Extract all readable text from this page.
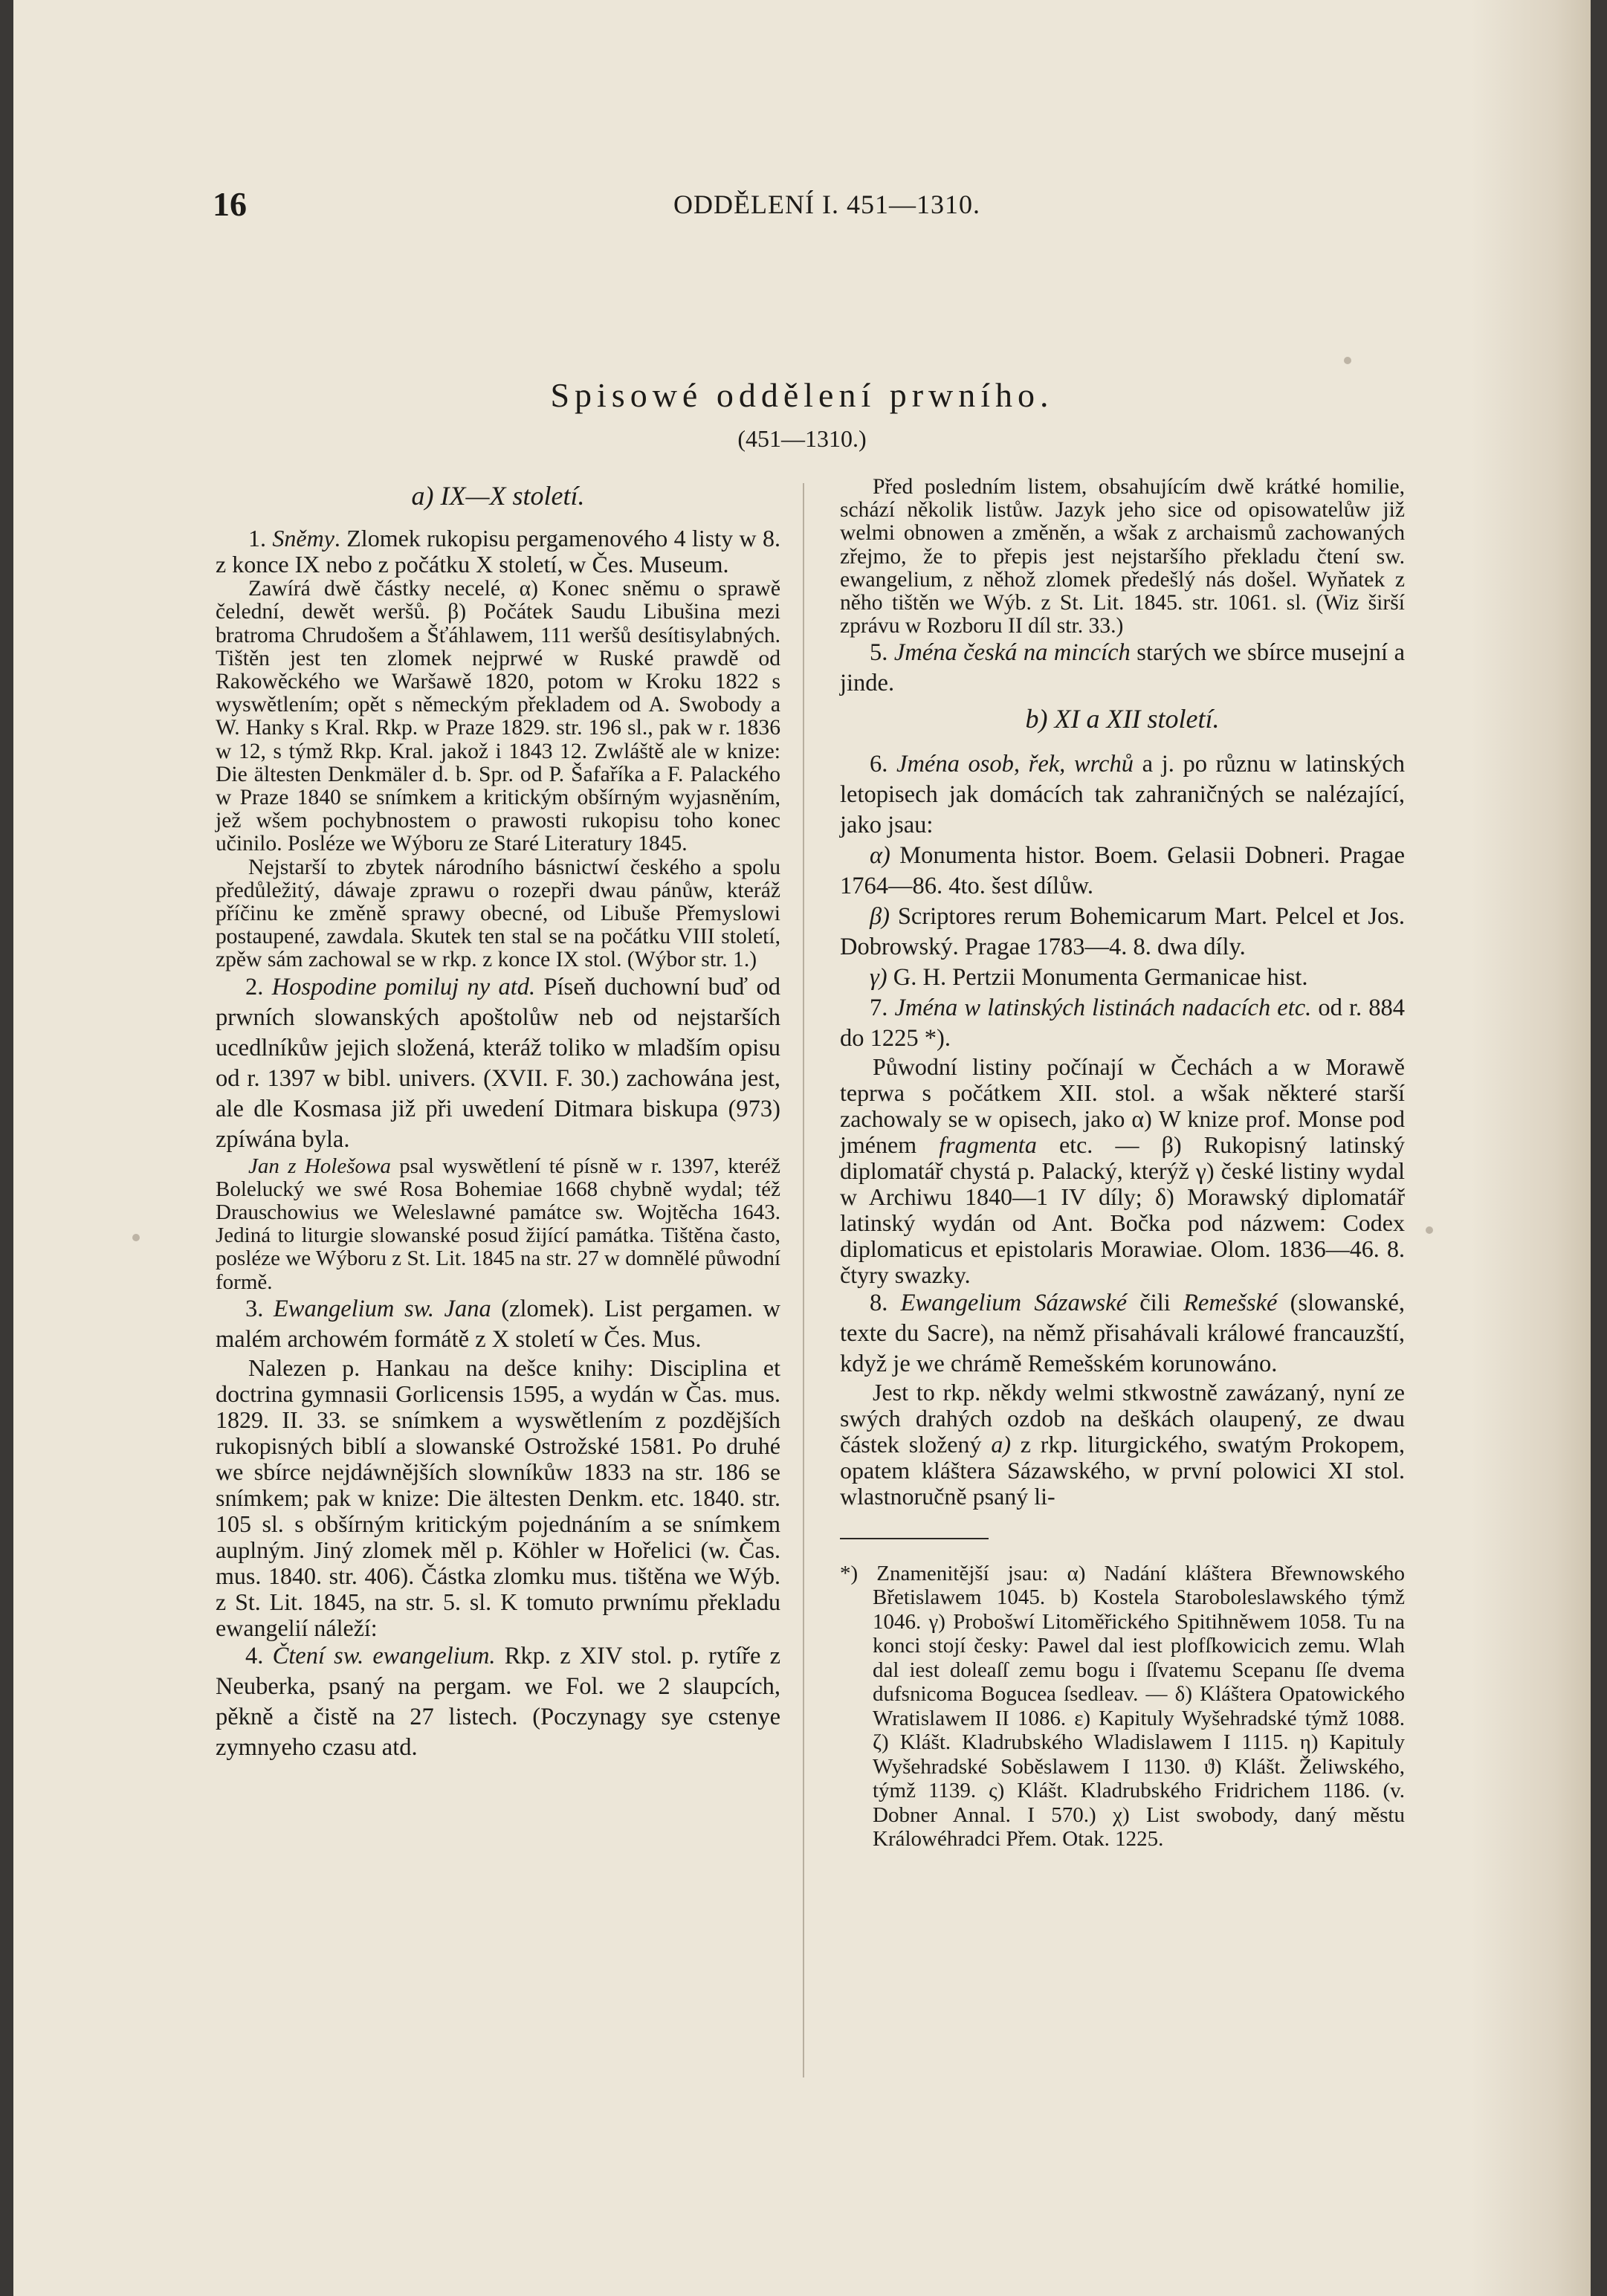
16	ODDĚLENÍ I. 451—1310.
Spisowé oddělení prwního.
(451—1310.)
a) IX—X století.

1. Sněmy. Zlomek rukopisu pergamenového 4 listy w 8. z konce IX nebo z počátku X století, w Čes. Museum.

Zawírá dwě částky necelé, α) Konec sněmu o sprawě čelední, dewět weršů. β) Počátek Saudu Libušina mezi bratroma Chrudošem a Šťáhlawem, 111 weršů desítisylabných. Tištěn jest ten zlomek nejprwé w Ruské prawdě od Rakowěckého we Waršawě 1820, potom w Kroku 1822 s wyswětlením; opět s německým překladem od A. Swobody a W. Hanky s Kral. Rkp. w Praze 1829. str. 196 sl., pak w r. 1836 w 12, s týmž Rkp. Kral. jakož i 1843 12. Zwláště ale w knize: Die ältesten Denkmäler d. b. Spr. od P. Šafaříka a F. Palackého w Praze 1840 se snímkem a kritickým obšírným wyjasněním, jež wšem pochybnostem o prawosti rukopisu toho konec učinilo. Posléze we Wýboru ze Staré Literatury 1845.

Nejstarší to zbytek národního básnictwí českého a spolu předůležitý, dáwaje zprawu o rozepři dwau pánůw, kteráž příčinu ke změně sprawy obecné, od Libuše Přemyslowi postaupené, zawdala. Skutek ten stal se na počátku VIII století, zpěw sám zachowal se w rkp. z konce IX stol. (Wýbor str. 1.)

2. Hospodine pomiluj ny atd. Píseň duchowní buď od prwních slowanských apoštolůw neb od nejstarších ucedlníkůw jejich složená, kteráž toliko w mladším opisu od r. 1397 w bibl. univers. (XVII. F. 30.) zachowána jest, ale dle Kosmasa již při uwedení Ditmara biskupa (973) zpíwána byla.

Jan z Holešowa psal wyswětlení té písně w r. 1397, kteréž Bolelucký we swé Rosa Bohemiae 1668 chybně wydal; též Drauschowius we Weleslawné památce sw. Wojtěcha 1643. Jediná to liturgie slowanské posud žijící památka. Tištěna často, posléze we Wýboru z St. Lit. 1845 na str. 27 w domnělé půwodní formě.

3. Ewangelium sw. Jana (zlomek). List pergamen. w malém archowém formátě z X století w Čes. Mus.

Nalezen p. Hankau na dešce knihy: Disciplina et doctrina gymnasii Gorlicensis 1595, a wydán w Čas. mus. 1829. II. 33. se snímkem a wyswětlením z pozdějších rukopisných biblí a slowanské Ostrožské 1581. Po druhé we sbírce nejdáwnějších slowníkůw 1833 na str. 186 se snímkem; pak w knize: Die ältesten Denkm. etc. 1840. str. 105 sl. s obšírným kritickým pojednáním a se snímkem auplným. Jiný zlomek měl p. Köhler w Hořelici (w. Čas. mus. 1840. str. 406). Částka zlomku mus. tištěna we Wýb. z St. Lit. 1845, na str. 5. sl. K tomuto prwnímu překladu ewangelií náleží:

4. Čtení sw. ewangelium. Rkp. z XIV stol. p. rytíře z Neuberka, psaný na pergam. we Fol. we 2 slaupcích, pěkně a čistě na 27 listech. (Poczynagy sye cstenye zymnyeho czasu atd.

Před posledním listem, obsahujícím dwě krátké homilie, schází několik listůw. Jazyk jeho sice od opisowatelůw již welmi obnowen a změněn, a wšak z archaismů zachowaných zřejmo, že to přepis jest nejstaršího překladu čtení sw. ewangelium, z něhož zlomek předešlý nás došel. Wyňatek z něho tištěn we Wýb. z St. Lit. 1845. str. 1061. sl. (Wiz širší zprávu w Rozboru II díl str. 33.)

5. Jména česká na mincích starých we sbírce musejní a jinde.

b) XI a XII století.

6. Jména osob, řek, wrchů a j. po různu w latinských letopisech jak domácích tak zahraničných se nalézající, jako jsau:

α) Monumenta histor. Boem. Gelasii Dobneri. Pragae 1764—86. 4to. šest dílůw.

β) Scriptores rerum Bohemicarum Mart. Pelcel et Jos. Dobrowský. Pragae 1783—4. 8. dwa díly.

γ) G. H. Pertzii Monumenta Germanicae hist.

7. Jména w latinských listinách nadacích etc. od r. 884 do 1225 *).

Půwodní listiny počínají w Čechách a w Morawě teprwa s počátkem XII. stol. a wšak některé starší zachowaly se w opisech, jako α) W knize prof. Monse pod jménem fragmenta etc. — β) Rukopisný latinský diplomatář chystá p. Palacký, kterýž γ) české listiny wydal w Archiwu 1840—1 IV díly; δ) Morawský diplomatář latinský wydán od Ant. Bočka pod názwem: Codex diplomaticus et epistolaris Morawiae. Olom. 1836—46. 8. čtyry swazky.

8. Ewangelium Sázawské čili Remešské (slowanské, texte du Sacre), na němž přisahávali králowé francauzští, když je we chrámě Remešském korunowáno.

Jest to rkp. někdy welmi stkwostně zawázaný, nyní ze swých drahých ozdob na deškách olaupený, ze dwau částek složený a) z rkp. liturgického, swatým Prokopem, opatem kláštera Sázawského, w první polowici XI stol. wlastnoručně psaný li-

*) Znamenitější jsau: α) Nadání kláštera Břewnowského Břetislawem 1045. b) Kostela Staroboleslawského týmž 1046. γ) Probošwí Litoměřického Spitihněwem 1058. Tu na konci stojí česky: Pawel dal iest plofſkowicich zemu. Wlah dal iest doleaſſ zemu bogu i ſſvatemu Scepanu ſſe dvema dufsnicoma Bogucea ſsedleav. — δ) Kláštera Opatowického Wratislawem II 1086. ε) Kapituly Wyšehradské týmž 1088. ζ) Klášt. Kladrubského Wladislawem I 1115. η) Kapituly Wyšehradské Soběslawem I 1130. ϑ) Klášt. Želiwského, týmž 1139. ς) Klášt. Kladrubského Fridrichem 1186. (v. Dobner Annal. I 570.) χ) List swobody, daný městu Králowéhradci Přem. Otak. 1225.
